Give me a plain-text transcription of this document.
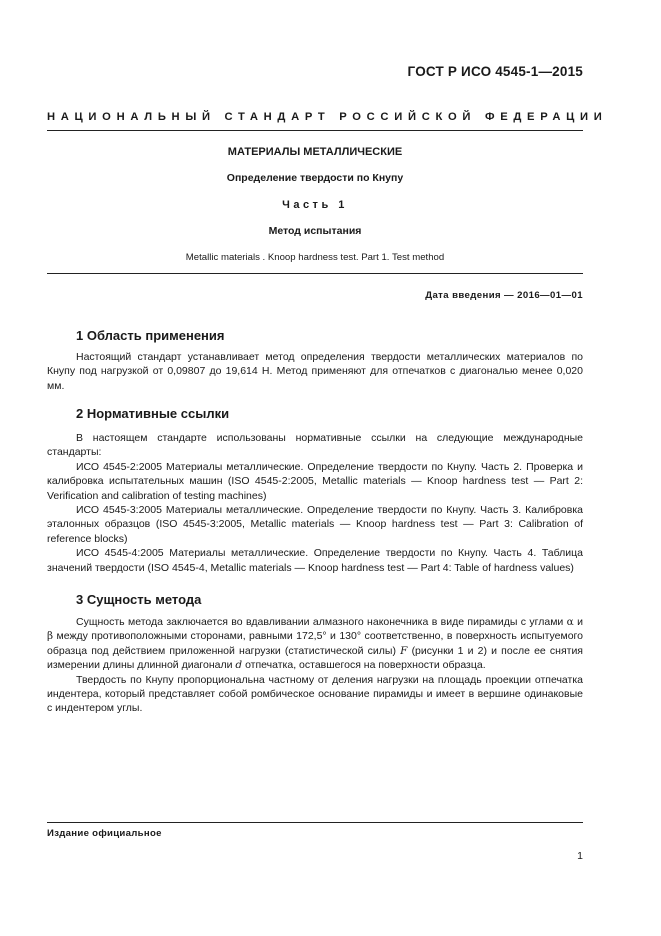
ГОСТ Р ИСО 4545-1—2015
НАЦИОНАЛЬНЫЙ СТАНДАРТ РОССИЙСКОЙ ФЕДЕРАЦИИ
МАТЕРИАЛЫ МЕТАЛЛИЧЕСКИЕ
Определение твердости по Кнупу
Часть 1
Метод испытания
Metallic materials . Knoop hardness test. Part 1. Test method
Дата введения — 2016—01—01
1 Область применения

Настоящий стандарт устанавливает метод определения твердости металлических материалов по Кнупу под нагрузкой от 0,09807 до 19,614 Н. Метод применяют для отпечатков с диагональю менее 0,020 мм.

2 Нормативные ссылки

В настоящем стандарте использованы нормативные ссылки на следующие международные стандарты:

ИСО 4545-2:2005 Материалы металлические. Определение твердости по Кнупу. Часть 2. Проверка и калибровка испытательных машин (ISO 4545-2:2005, Metallic materials — Knoop hardness test — Part 2: Verification and calibration of testing machines)

ИСО 4545-3:2005 Материалы металлические. Определение твердости по Кнупу. Часть 3. Калибровка эталонных образцов (ISO 4545-3:2005, Metallic materials — Knoop hardness test — Part 3: Calibration of reference blocks)

ИСО 4545-4:2005 Материалы металлические. Определение твердости по Кнупу. Часть 4. Таблица значений твердости (ISO 4545-4, Metallic materials — Knoop hardness test — Part 4: Table of hardness values)

3 Сущность метода

Сущность метода заключается во вдавливании алмазного наконечника в виде пирамиды с углами α и β между противоположными сторонами, равными 172,5° и 130° соответственно, в поверхность испытуемого образца под действием приложенной нагрузки (статистической силы) F (рисунки 1 и 2) и после ее снятия измерении длины длинной диагонали d отпечатка, оставшегося на поверхности образца.

Твердость по Кнупу пропорциональна частному от деления нагрузки на площадь проекции отпечатка индентера, который представляет собой ромбическое основание пирамиды и имеет в вершине одинаковые с индентером углы.

Издание официальное
1
